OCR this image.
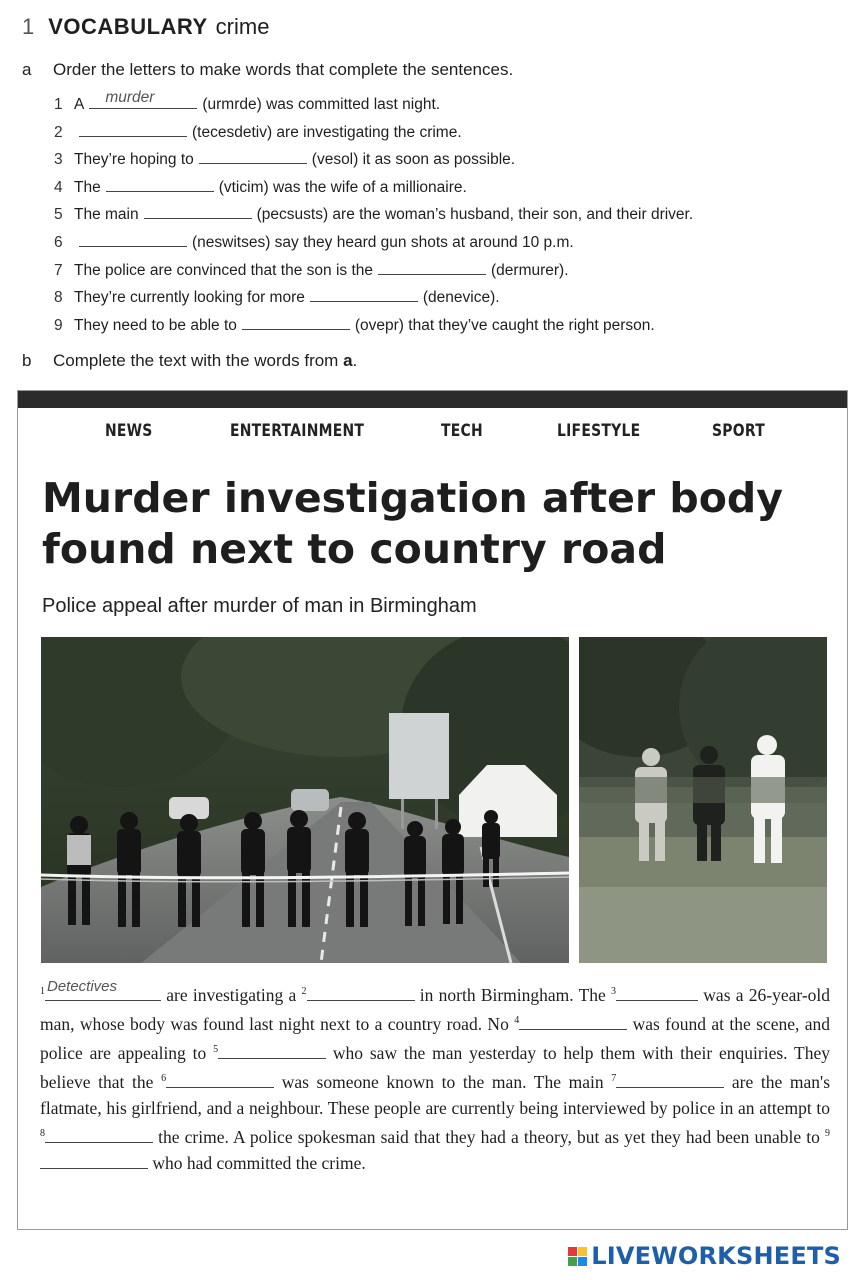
1 VOCABULARY crime
a Order the letters to make words that complete the sentences.
1 A murder	(urmrde) was committed last night.
2	(tecesdetiv) are investigating the crime.
3 They’re hoping to	(vesol) it as soon as possible.
4 The	(vticim) was the wife of a millionaire.
5 The main	(pecsusts) are the woman’s husband, their son, and their driver.
6	(neswitses) say they heard gun shots at around 10 p.m.
7 The police are convinced that the son is the	(dermurer).
8 They’re currently looking for more	(denevice).
9 They need to be able to	(ovepr) that they’ve caught the right person.
b Complete the text with the words from a.
NEWS	ENTERTAINMENT	TECH	LIFESTYLE	SPORT
Murder investigation after body
found next to country road
Police appeal after murder of man in Birmingham
$^1$ Detectives	are investigating a $^2$	in north Birmingham. The $^3$	was a 26-year-old man, whose body was found last night next to a country road. No $^4$	was found at the scene, and police are appealing to $^5$	who saw the man yesterday to help them with their enquiries. They believe that the $^6$	was someone known to the man. The main $^7$	are the man's flatmate, his girlfriend, and a neighbour. These people are currently being interviewed by police in an attempt to $^8$	the crime. A police spokesman said that they had a theory, but as yet they had been unable to $^9$ who had committed the crime.
LIVEWORKSHEETS
